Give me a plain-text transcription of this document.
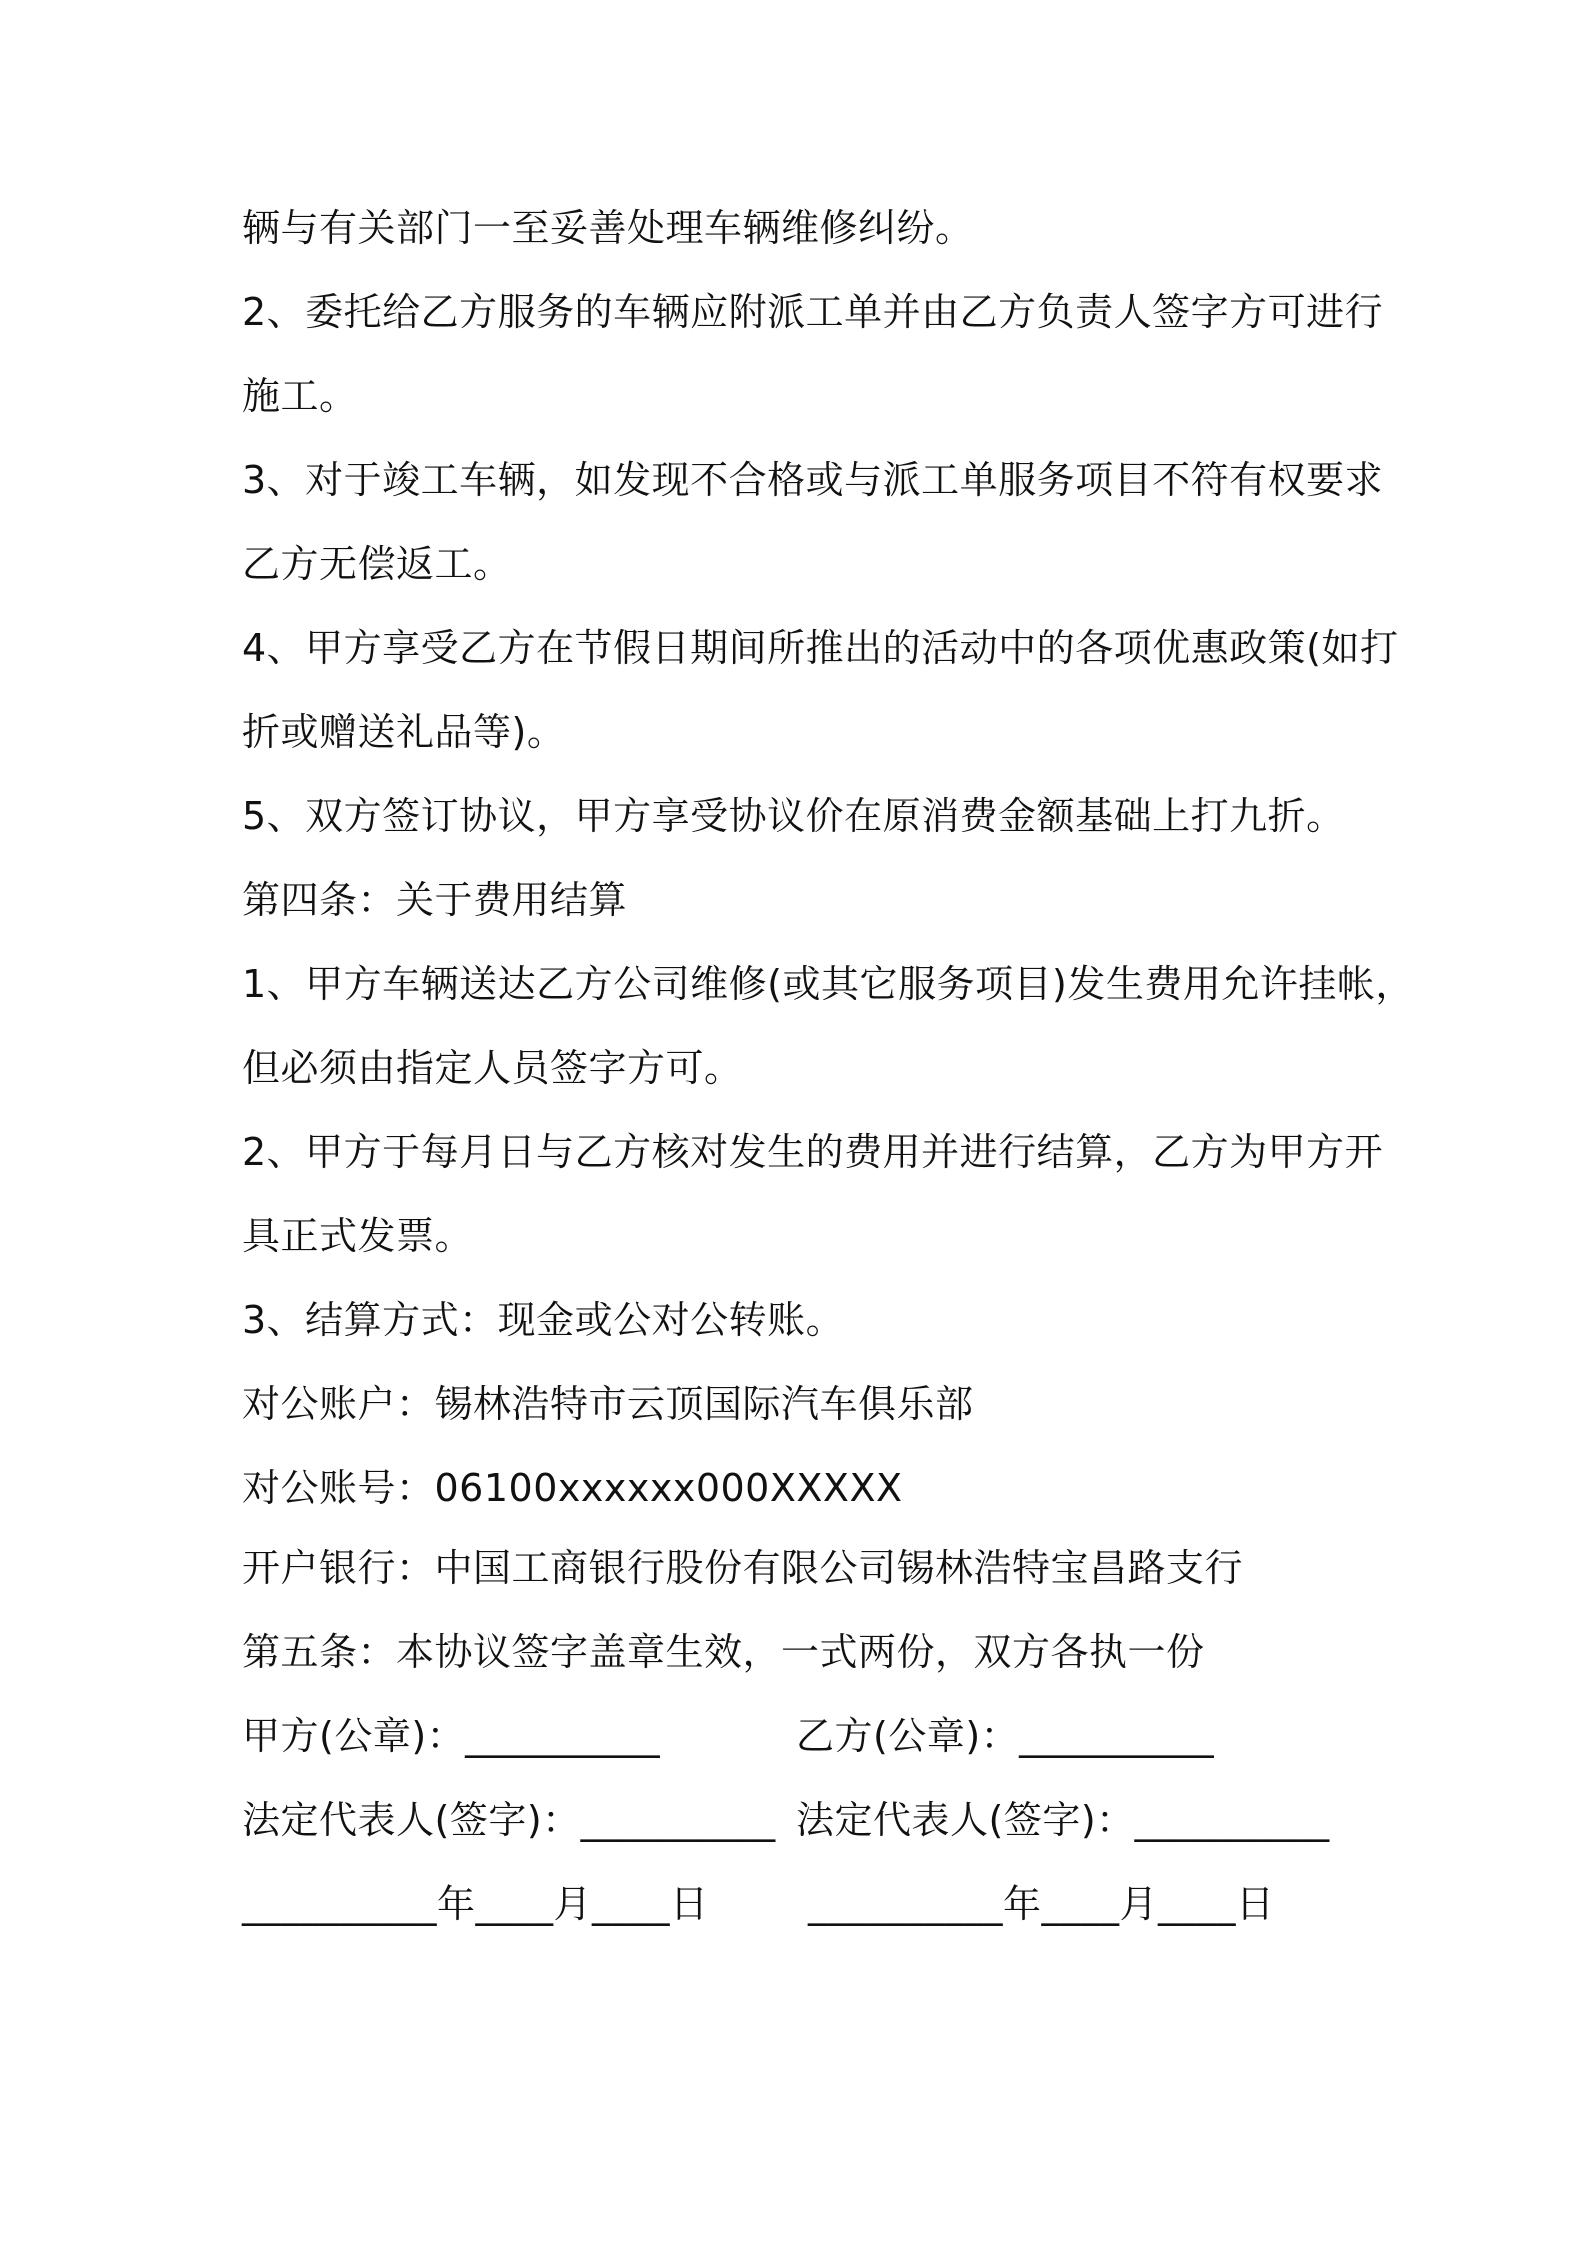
辆与有关部门一至妥善处理车辆维修纠纷。
2、委托给乙方服务的车辆应附派工单并由乙方负责人签字方可进行
施工。
3、对于竣工车辆，如发现不合格或与派工单服务项目不符有权要求
乙方无偿返工。
4、甲方享受乙方在节假日期间所推出的活动中的各项优惠政策(如打
折或赠送礼品等)。
5、双方签订协议，甲方享受协议价在原消费金额基础上打九折。
第四条：关于费用结算
1、甲方车辆送达乙方公司维修(或其它服务项目)发生费用允许挂帐，
但必须由指定人员签字方可。
2、甲方于每月日与乙方核对发生的费用并进行结算，乙方为甲方开
具正式发票。
3、结算方式：现金或公对公转账。
对公账户：锡林浩特市云顶国际汽车俱乐部
对公账号：06100xxxxxx000XXXXX
开户银行：中国工商银行股份有限公司锡林浩特宝昌路支行
第五条：本协议签字盖章生效，一式两份，双方各执一份
甲方(公章)：__________	乙方(公章)：__________
法定代表人(签字)：__________ 法定代表人(签字)：__________
__________年____月____日	__________年____月____日
